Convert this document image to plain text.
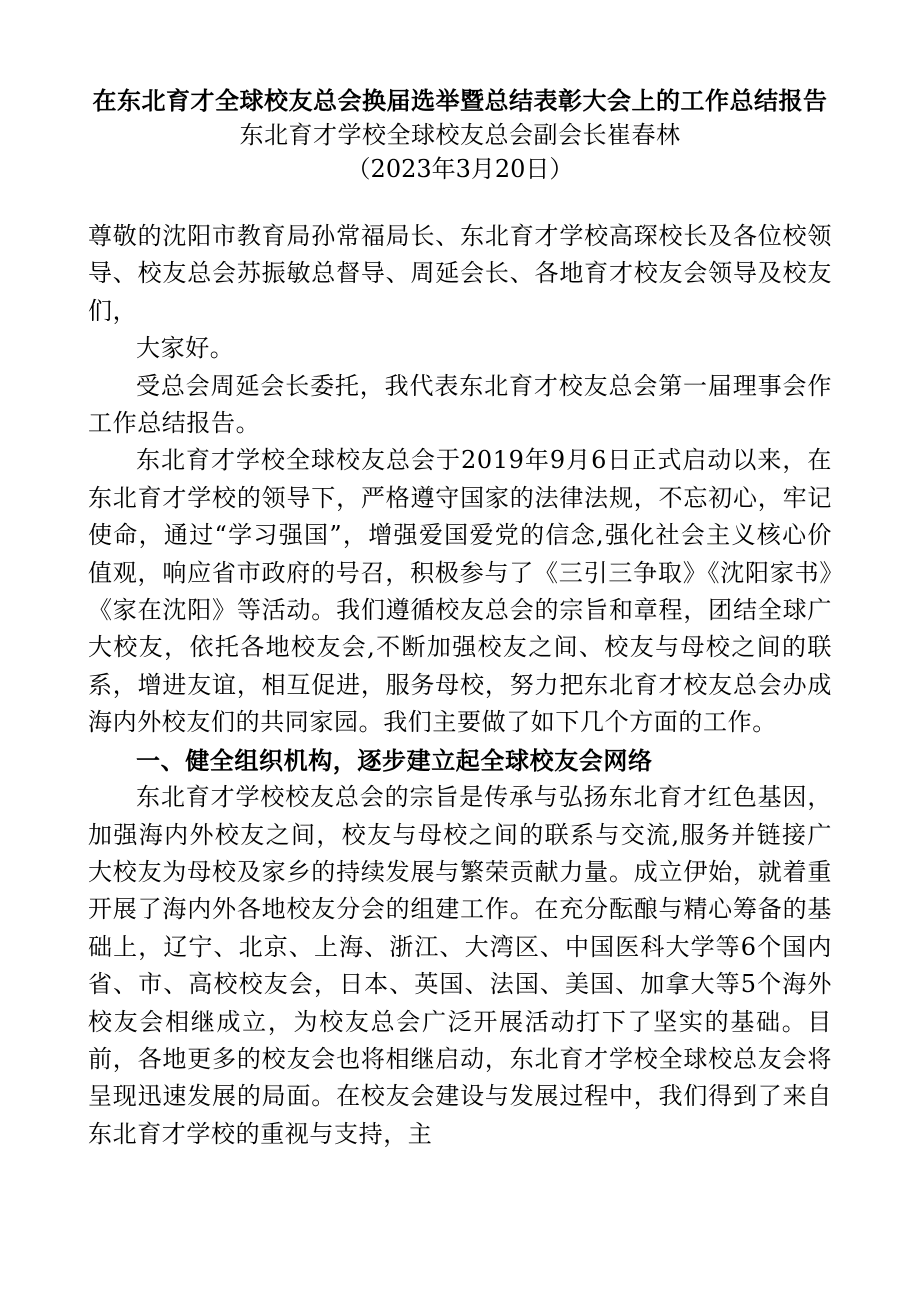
在东北育才全球校友总会换届选举暨总结表彰大会上的工作总结报告
东北育才学校全球校友总会副会长崔春林
（2023年3月20日）

尊敬的沈阳市教育局孙常福局长、东北育才学校高琛校长及各位校领导、校友总会苏振敏总督导、周延会长、各地育才校友会领导及校友们，

大家好。

受总会周延会长委托，我代表东北育才校友总会第一届理事会作工作总结报告。

东北育才学校全球校友总会于2019年9月6日正式启动以来，在东北育才学校的领导下，严格遵守国家的法律法规，不忘初心，牢记使命，通过“学习强国”，增强爱国爱党的信念,强化社会主义核心价值观，响应省市政府的号召，积极参与了《三引三争取》《沈阳家书》《家在沈阳》等活动。我们遵循校友总会的宗旨和章程，团结全球广大校友，依托各地校友会,不断加强校友之间、校友与母校之间的联系，增进友谊，相互促进，服务母校，努力把东北育才校友总会办成海内外校友们的共同家园。我们主要做了如下几个方面的工作。

一、健全组织机构，逐步建立起全球校友会网络

东北育才学校校友总会的宗旨是传承与弘扬东北育才红色基因，加强海内外校友之间，校友与母校之间的联系与交流,服务并链接广大校友为母校及家乡的持续发展与繁荣贡献力量。成立伊始，就着重开展了海内外各地校友分会的组建工作。在充分酝酿与精心筹备的基础上，辽宁、北京、上海、浙江、大湾区、中国医科大学等6个国内省、市、高校校友会，日本、英国、法国、美国、加拿大等5个海外校友会相继成立，为校友总会广泛开展活动打下了坚实的基础。目前，各地更多的校友会也将相继启动，东北育才学校全球校总友会将呈现迅速发展的局面。在校友会建设与发展过程中，我们得到了来自东北育才学校的重视与支持，主
